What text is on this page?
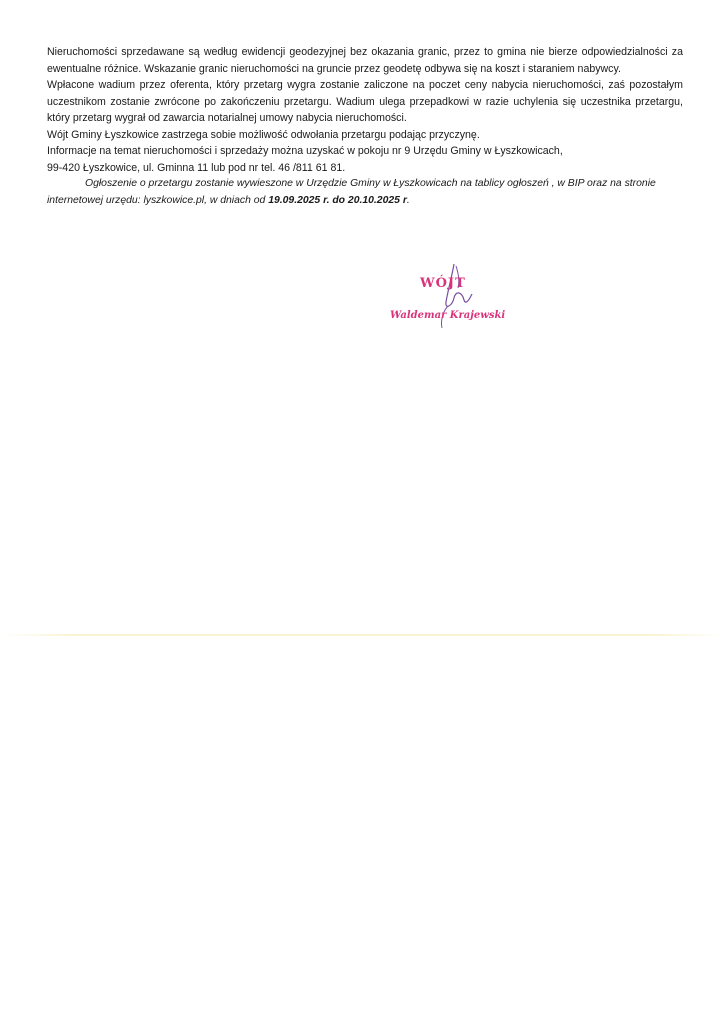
Nieruchomości sprzedawane są według ewidencji geodezyjnej bez okazania granic, przez to gmina nie bierze odpowiedzialności za ewentualne różnice. Wskazanie granic nieruchomości na gruncie przez geodetę odbywa się na koszt i staraniem nabywcy.

Wpłacone wadium przez oferenta, który przetarg wygra zostanie zaliczone na poczet ceny nabycia nieruchomości, zaś pozostałym uczestnikom zostanie zwrócone po zakończeniu przetargu. Wadium ulega przepadkowi w razie uchylenia się uczestnika przetargu, który przetarg wygrał od zawarcia notarialnej umowy nabycia nieruchomości.

Wójt Gminy Łyszkowice zastrzega sobie możliwość odwołania przetargu podając przyczynę.

Informacje na temat nieruchomości i sprzedaży można uzyskać w pokoju nr 9 Urzędu Gminy w Łyszkowicach,

99-420 Łyszkowice, ul. Gminna 11 lub pod nr tel. 46 /811 61 81.

Ogłoszenie o przetargu zostanie wywieszone w Urzędzie Gminy w Łyszkowicach na tablicy ogłoszeń , w BIP oraz na stronie internetowej urzędu: lyszkowice.pl, w dniach od 19.09.2025 r. do 20.10.2025 r.

WÓJT
Waldemar Krajewski
